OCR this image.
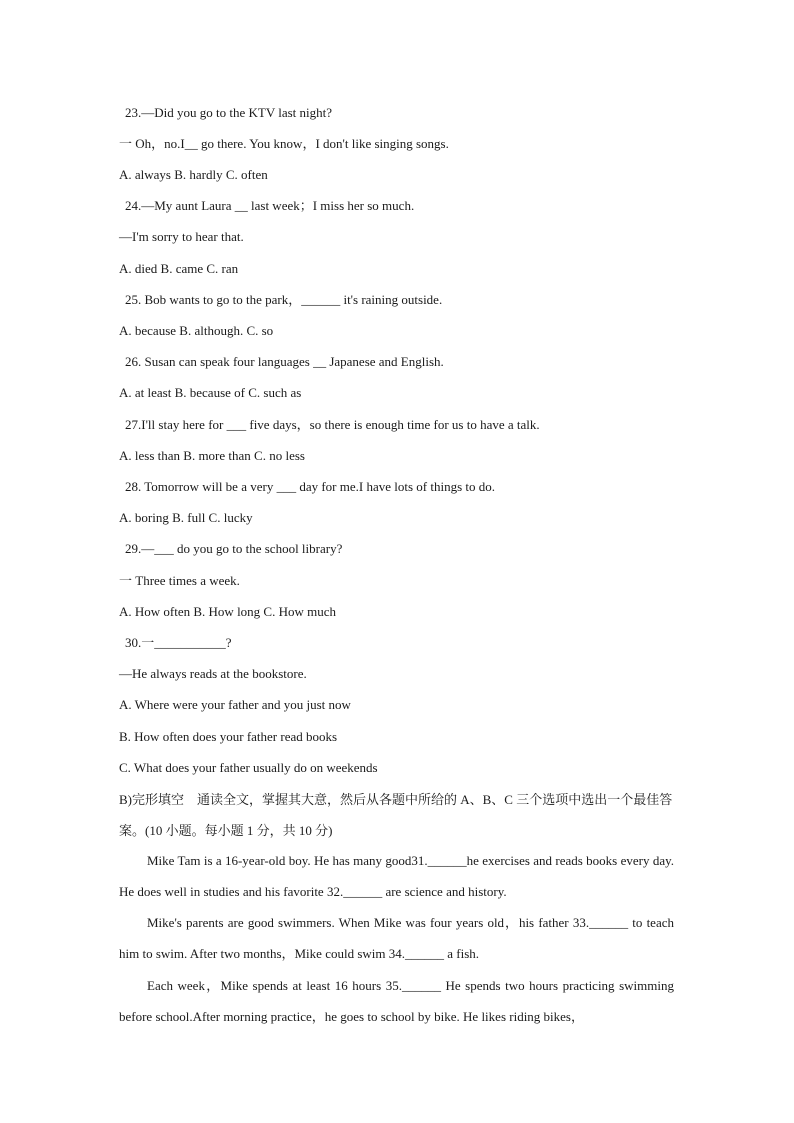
23.—Did you go to the KTV last night?
一 Oh，no.I__ go there. You know，I don't like singing songs.
A. always B. hardly C. often
24.—My aunt Laura __ last week；I miss her so much.
—I'm sorry to hear that.
A. died B. came C. ran
25. Bob wants to go to the park，______ it's raining outside.
A. because B. although. C. so
26. Susan can speak four languages __ Japanese and English.
A. at least B. because of C. such as
27.I'll stay here for ___ five days，so there is enough time for us to have a talk.
A. less than B. more than C. no less
28. Tomorrow will be a very ___ day for me.I have lots of things to do.
A. boring B. full C. lucky
29.—___ do you go to the school library?
一 Three times a week.
A. How often B. How long C. How much
30.一___________?
—He always reads at the bookstore.
A. Where were your father and you just now
B. How often does your father read books
C. What does your father usually do on weekends
B)完形填空　通读全文，掌握其大意，然后从各题中所给的 A、B、C 三个选项中选出一个最佳答案。(10 小题。每小题 1 分，共 10 分)
Mike Tam is a 16-year-old boy. He has many good31.______he exercises and reads books every day. He does well in studies and his favorite 32.______ are science and history.
Mike's parents are good swimmers. When Mike was four years old，his father 33.______ to teach him to swim. After two months，Mike could swim 34.______ a fish.
Each week，Mike spends at least 16 hours 35.______ He spends two hours practicing swimming before school.After morning practice，he goes to school by bike. He likes riding bikes，
